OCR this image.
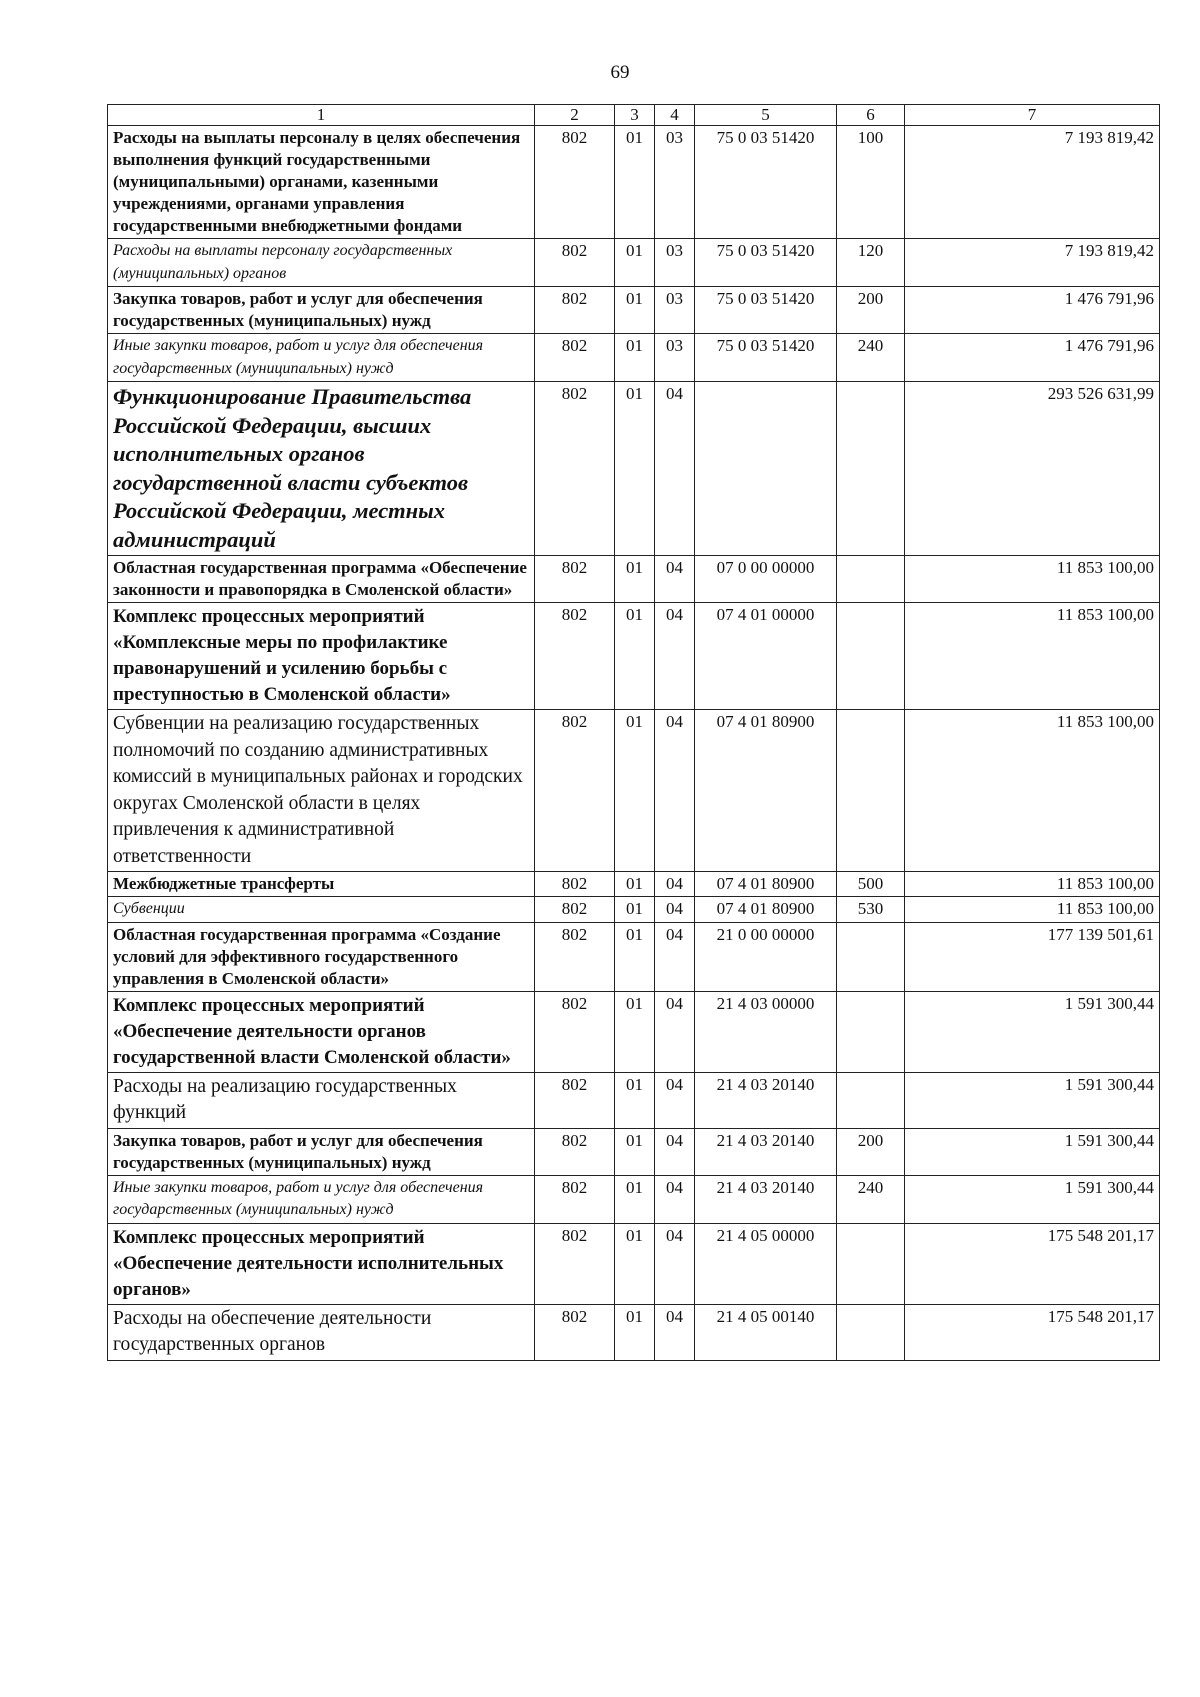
69
1	2	3	4	5	6	7
Расходы на выплаты персоналу в целях обеспечения выполнения функций государственными (муниципальными) органами, казенными учреждениями, органами управления государственными внебюджетными фондами	802	01	03	75 0 03 51420	100	7 193 819,42
Расходы на выплаты персоналу государственных (муниципальных) органов	802	01	03	75 0 03 51420	120	7 193 819,42
Закупка товаров, работ и услуг для обеспечения государственных (муниципальных) нужд	802	01	03	75 0 03 51420	200	1 476 791,96
Иные закупки товаров, работ и услуг для обеспечения государственных (муниципальных) нужд	802	01	03	75 0 03 51420	240	1 476 791,96
Функционирование Правительства Российской Федерации, высших исполнительных органов государственной власти субъектов Российской Федерации, местных администраций	802	01	04			293 526 631,99
Областная государственная программа «Обеспечение законности и правопорядка в Смоленской области»	802	01	04	07 0 00 00000		11 853 100,00
Комплекс процессных мероприятий «Комплексные меры по профилактике правонарушений и усилению борьбы с преступностью в Смоленской области»	802	01	04	07 4 01 00000		11 853 100,00
Субвенции на реализацию государственных полномочий по созданию административных комиссий в муниципальных районах и городских округах Смоленской области в целях привлечения к административной ответственности	802	01	04	07 4 01 80900		11 853 100,00
Межбюджетные трансферты	802	01	04	07 4 01 80900	500	11 853 100,00
Субвенции	802	01	04	07 4 01 80900	530	11 853 100,00
Областная государственная программа «Создание условий для эффективного государственного управления в Смоленской области»	802	01	04	21 0 00 00000		177 139 501,61
Комплекс процессных мероприятий «Обеспечение деятельности органов государственной власти Смоленской области»	802	01	04	21 4 03 00000		1 591 300,44
Расходы на реализацию государственных функций	802	01	04	21 4 03 20140		1 591 300,44
Закупка товаров, работ и услуг для обеспечения государственных (муниципальных) нужд	802	01	04	21 4 03 20140	200	1 591 300,44
Иные закупки товаров, работ и услуг для обеспечения государственных (муниципальных) нужд	802	01	04	21 4 03 20140	240	1 591 300,44
Комплекс процессных мероприятий «Обеспечение деятельности исполнительных органов»	802	01	04	21 4 05 00000		175 548 201,17
Расходы на обеспечение деятельности государственных органов	802	01	04	21 4 05 00140		175 548 201,17
